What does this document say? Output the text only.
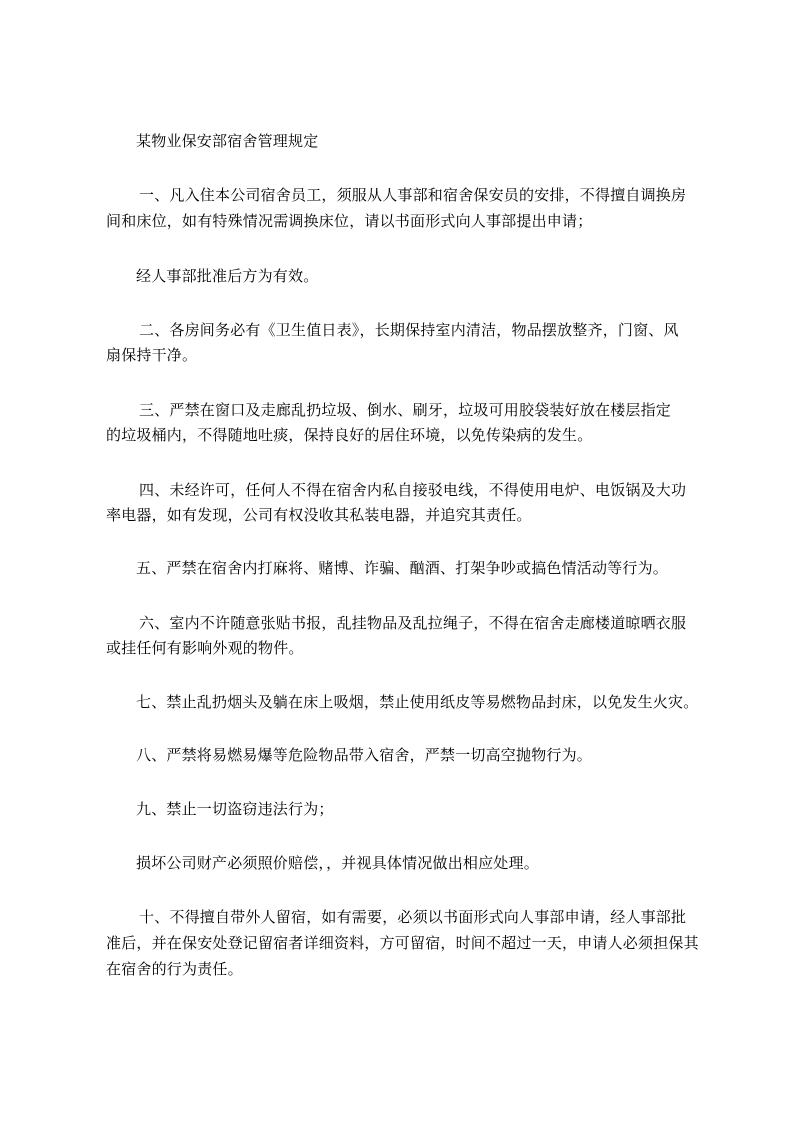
某物业保安部宿舍管理规定
一、凡入住本公司宿舍员工，须服从人事部和宿舍保安员的安排，不得擅自调换房
间和床位，如有特殊情况需调换床位，请以书面形式向人事部提出申请；
经人事部批准后方为有效。
二、各房间务必有《卫生值日表》，长期保持室内清洁，物品摆放整齐，门窗、风
扇保持干净。
三、严禁在窗口及走廊乱扔垃圾、倒水、刷牙，垃圾可用胶袋装好放在楼层指定
的垃圾桶内，不得随地吐痰，保持良好的居住环境，以免传染病的发生。
四、未经许可，任何人不得在宿舍内私自接驳电线，不得使用电炉、电饭锅及大功
率电器，如有发现，公司有权没收其私装电器，并追究其责任。
五、严禁在宿舍内打麻将、赌博、诈骗、酗酒、打架争吵或搞色情活动等行为。
六、室内不许随意张贴书报，乱挂物品及乱拉绳子，不得在宿舍走廊楼道晾晒衣服
或挂任何有影响外观的物件。
七、禁止乱扔烟头及躺在床上吸烟，禁止使用纸皮等易燃物品封床，以免发生火灾。
八、严禁将易燃易爆等危险物品带入宿舍，严禁一切高空抛物行为。
九、禁止一切盗窃违法行为；
损坏公司财产必须照价赔偿，，并视具体情况做出相应处理。
十、不得擅自带外人留宿，如有需要，必须以书面形式向人事部申请，经人事部批
准后，并在保安处登记留宿者详细资料，方可留宿，时间不超过一天，申请人必须担保其
在宿舍的行为责任。
